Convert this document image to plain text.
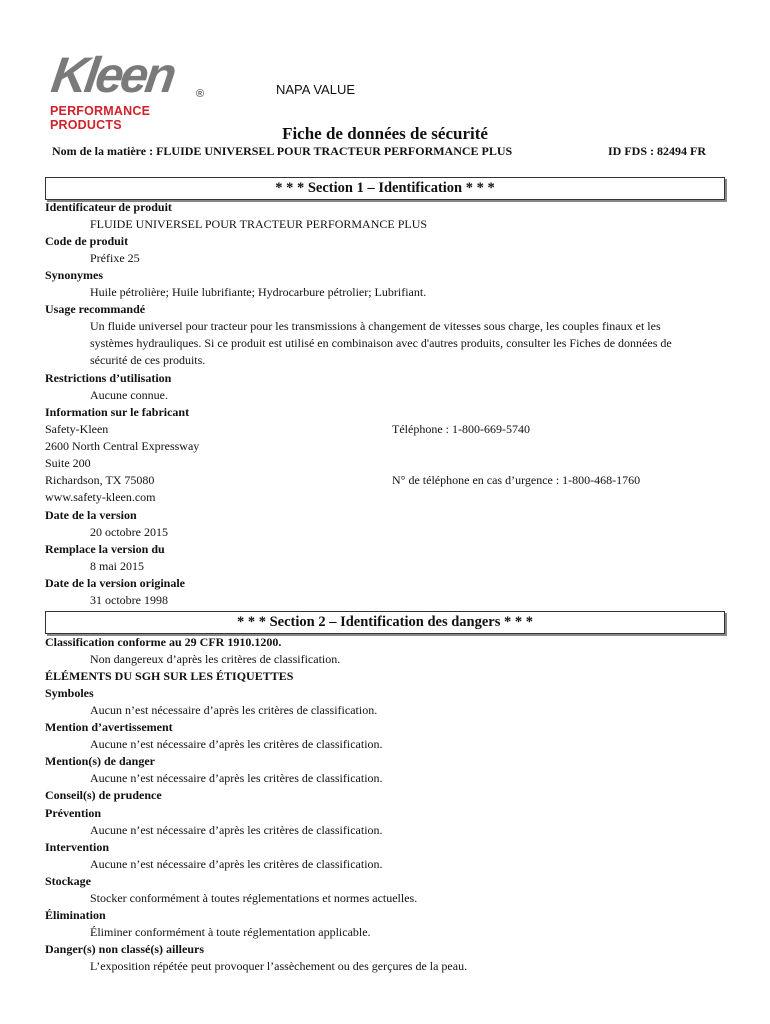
Kleen ®
PERFORMANCE PRODUCTS
NAPA VALUE
Fiche de données de sécurité
Nom de la matière : FLUIDE UNIVERSEL POUR TRACTEUR PERFORMANCE PLUS	ID FDS : 82494 FR
* * * Section 1 – Identification * * *
Identificateur de produit
FLUIDE UNIVERSEL POUR TRACTEUR PERFORMANCE PLUS
Code de produit
Préfixe 25
Synonymes
Huile pétrolière; Huile lubrifiante; Hydrocarbure pétrolier; Lubrifiant.
Usage recommandé
Un fluide universel pour tracteur pour les transmissions à changement de vitesses sous charge, les couples finaux et les
systèmes hydrauliques. Si ce produit est utilisé en combinaison avec d'autres produits, consulter les Fiches de données de
sécurité de ces produits.
Restrictions d’utilisation
Aucune connue.
Information sur le fabricant
Safety-Kleen	Téléphone : 1-800-669-5740
2600 North Central Expressway
Suite 200
Richardson, TX 75080	N° de téléphone en cas d’urgence : 1-800-468-1760
www.safety-kleen.com
Date de la version
20 octobre 2015
Remplace la version du
8 mai 2015
Date de la version originale
31 octobre 1998
* * * Section 2 – Identification des dangers * * *
Classification conforme au 29 CFR 1910.1200.
Non dangereux d’après les critères de classification.
ÉLÉMENTS DU SGH SUR LES ÉTIQUETTES
Symboles
Aucun n’est nécessaire d’après les critères de classification.
Mention d’avertissement
Aucune n’est nécessaire d’après les critères de classification.
Mention(s) de danger
Aucune n’est nécessaire d’après les critères de classification.
Conseil(s) de prudence
Prévention
Aucune n’est nécessaire d’après les critères de classification.
Intervention
Aucune n’est nécessaire d’après les critères de classification.
Stockage
Stocker conformément à toutes réglementations et normes actuelles.
Élimination
Éliminer conformément à toute réglementation applicable.
Danger(s) non classé(s) ailleurs
L’exposition répétée peut provoquer l’assèchement ou des gerçures de la peau.
